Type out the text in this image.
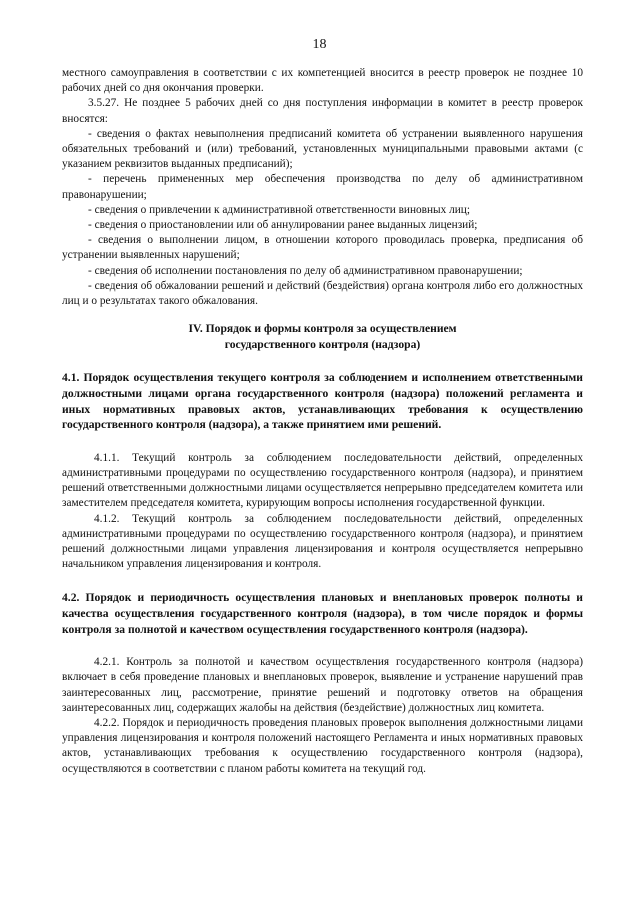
18

местного самоуправления в соответствии с их компетенцией вносится в реестр проверок не позднее 10 рабочих дней со дня окончания проверки.

3.5.27. Не позднее 5 рабочих дней со дня поступления информации в комитет в реестр проверок вносятся:

- сведения о фактах невыполнения предписаний комитета об устранении выявленного нарушения обязательных требований и (или) требований, установленных муниципальными правовыми актами (с указанием реквизитов выданных предписаний);

- перечень примененных мер обеспечения производства по делу об административном правонарушении;

- сведения о привлечении к административной ответственности виновных лиц;

- сведения о приостановлении или об аннулировании ранее выданных лицензий;

- сведения о выполнении лицом, в отношении которого проводилась проверка, предписания об устранении выявленных нарушений;

- сведения об исполнении постановления по делу об административном правонарушении;

- сведения об обжаловании решений и действий (бездействия) органа контроля либо его должностных лиц и о результатах такого обжалования.

IV. Порядок и формы контроля за осуществлением
государственного контроля (надзора)

4.1. Порядок осуществления текущего контроля за соблюдением и исполнением ответственными должностными лицами органа государственного контроля (надзора) положений регламента и иных нормативных правовых актов, устанавливающих требования к осуществлению государственного контроля (надзора), а также принятием ими решений.

4.1.1. Текущий контроль за соблюдением последовательности действий, определенных административными процедурами по осуществлению государственного контроля (надзора), и принятием решений ответственными должностными лицами осуществляется непрерывно председателем комитета или заместителем председателя комитета, курирующим вопросы исполнения государственной функции.

4.1.2. Текущий контроль за соблюдением последовательности действий, определенных административными процедурами по осуществлению государственного контроля (надзора), и принятием решений должностными лицами управления лицензирования и контроля осуществляется непрерывно начальником управления лицензирования и контроля.

4.2. Порядок и периодичность осуществления плановых и внеплановых проверок полноты и качества осуществления государственного контроля (надзора), в том числе порядок и формы контроля за полнотой и качеством осуществления государственного контроля (надзора).

4.2.1. Контроль за полнотой и качеством осуществления государственного контроля (надзора) включает в себя проведение плановых и внеплановых проверок, выявление и устранение нарушений прав заинтересованных лиц, рассмотрение, принятие решений и подготовку ответов на обращения заинтересованных лиц, содержащих жалобы на действия (бездействие) должностных лиц комитета.

4.2.2. Порядок и периодичность проведения плановых проверок выполнения должностными лицами управления лицензирования и контроля положений настоящего Регламента и иных нормативных правовых актов, устанавливающих требования к осуществлению государственного контроля (надзора), осуществляются в соответствии с планом работы комитета на текущий год.
